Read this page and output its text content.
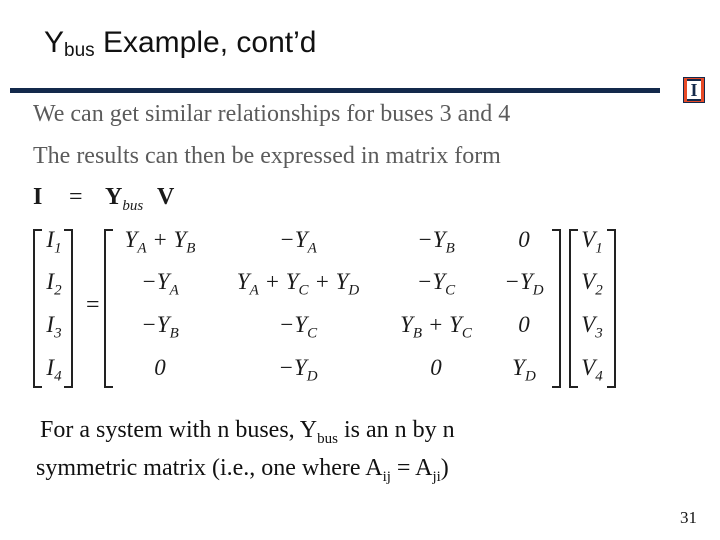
$Y_{bus}$ Example, cont’d
I
We can get similar relationships for buses 3 and 4
The results can then be expressed in matrix form
$I = Y_{bus}$ V
$I_1$
$I_2$
$I_3$
$I_4$
$V_1$
$V_2$
$V_3$
$V_4$
$Y_A + Y_B$	$-Y_A$	$-Y_B$	0
$-Y_A$	$Y_A + Y_C + Y_D$	$-Y_C$	$-Y_D$
$-Y_B$	$-Y_C$	$Y_B + Y_C$	0
0	$-Y_D$	0	$Y_D$
=
For a system with n buses, $Y_{bus}$ is an n by n
symmetric matrix (i.e., one where $A_{ij} = A_{ji}$)
31
